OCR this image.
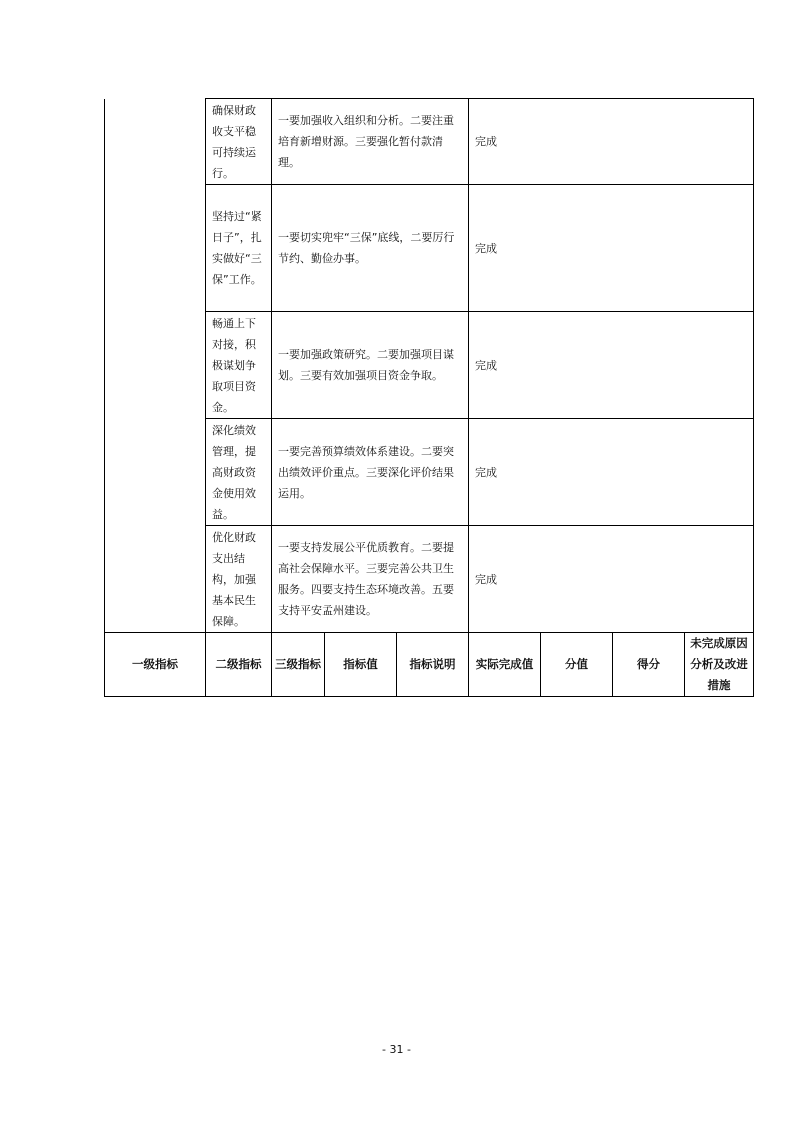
	确保财政收支平稳可持续运行。	一要加强收入组织和分析。二要注重培育新增财源。三要强化暂付款清理。			完成			
	坚持过“紧日子”，扎实做好“三保”工作。	一要切实兜牢“三保”底线，二要厉行节约、勤俭办事。			完成			
	畅通上下对接，积极谋划争取项目资金。	一要加强政策研究。二要加强项目谋划。三要有效加强项目资金争取。			完成			
	深化绩效管理，提高财政资金使用效益。	一要完善预算绩效体系建设。二要突出绩效评价重点。三要深化评价结果运用。			完成			
	优化财政支出结构，加强基本民生保障。	一要支持发展公平优质教育。二要提高社会保障水平。三要完善公共卫生服务。四要支持生态环境改善。五要支持平安孟州建设。			完成			
一级指标	二级指标	三级指标	指标值	指标说明	实际完成值	分值	得分	未完成原因分析及改进措施
- 31 -
